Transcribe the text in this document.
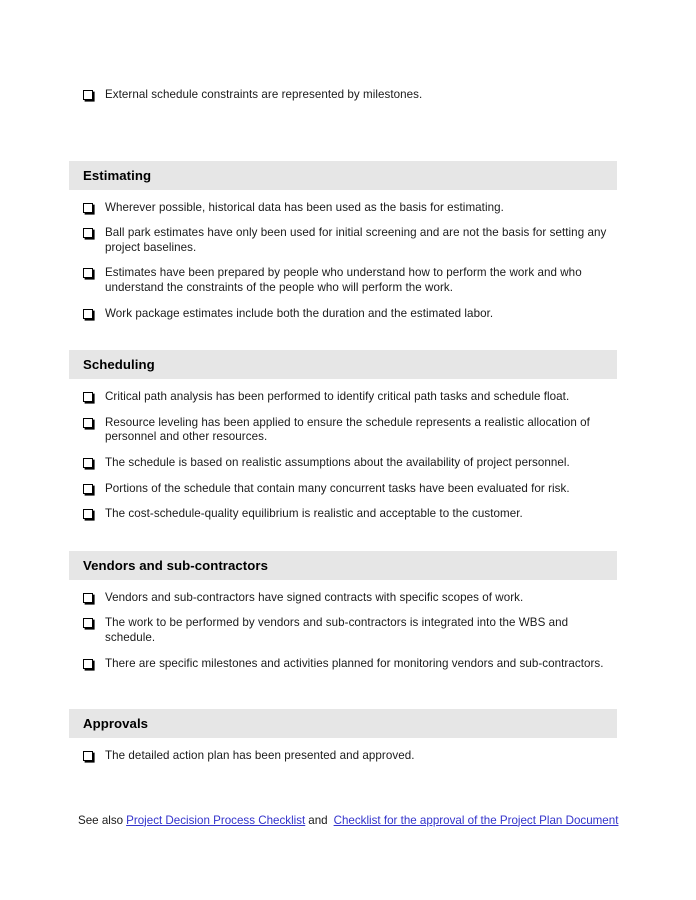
External schedule constraints are represented by milestones.
Estimating
Wherever possible, historical data has been used as the basis for estimating.
Ball park estimates have only been used for initial screening and are not the basis for setting any project baselines.
Estimates have been prepared by people who understand how to perform the work and who understand the constraints of the people who will perform the work.
Work package estimates include both the duration and the estimated labor.
Scheduling
Critical path analysis has been performed to identify critical path tasks and schedule float.
Resource leveling has been applied to ensure the schedule represents a realistic allocation of personnel and other resources.
The schedule is based on realistic assumptions about the availability of project personnel.
Portions of the schedule that contain many concurrent tasks have been evaluated for risk.
The cost-schedule-quality equilibrium is realistic and acceptable to the customer.
Vendors and sub-contractors
Vendors and sub-contractors have signed contracts with specific scopes of work.
The work to be performed by vendors and sub-contractors is integrated into the WBS and schedule.
There are specific milestones and activities planned for monitoring vendors and sub-contractors.
Approvals
The detailed action plan has been presented and approved.
See also Project Decision Process Checklist and Checklist for the approval of the Project Plan Document
